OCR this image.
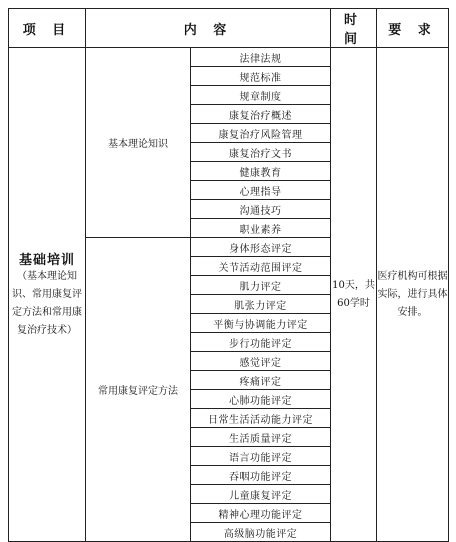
项 目	内 容		时 间	要 求

基础培训
（基本理论知识、常用康复评定方法和常用康复治疗技术）	基本理论知识	法律法规	10天，共60学时	医疗机构可根据实际，进行具体安排。

		规范标准		
		规章制度		
		康复治疗概述		
		康复治疗风险管理		
		康复治疗文书		
		健康教育		
		心理指导		
		沟通技巧		
		职业素养		
	常用康复评定方法	身体形态评定		
		关节活动范围评定		
		肌力评定		
		肌张力评定		
		平衡与协调能力评定		
		步行功能评定		
		感觉评定		
		疼痛评定		
		心肺功能评定		
		日常生活活动能力评定		
		生活质量评定		
		语言功能评定		
		吞咽功能评定		
		儿童康复评定		
		精神心理功能评定		
		高级脑功能评定		
